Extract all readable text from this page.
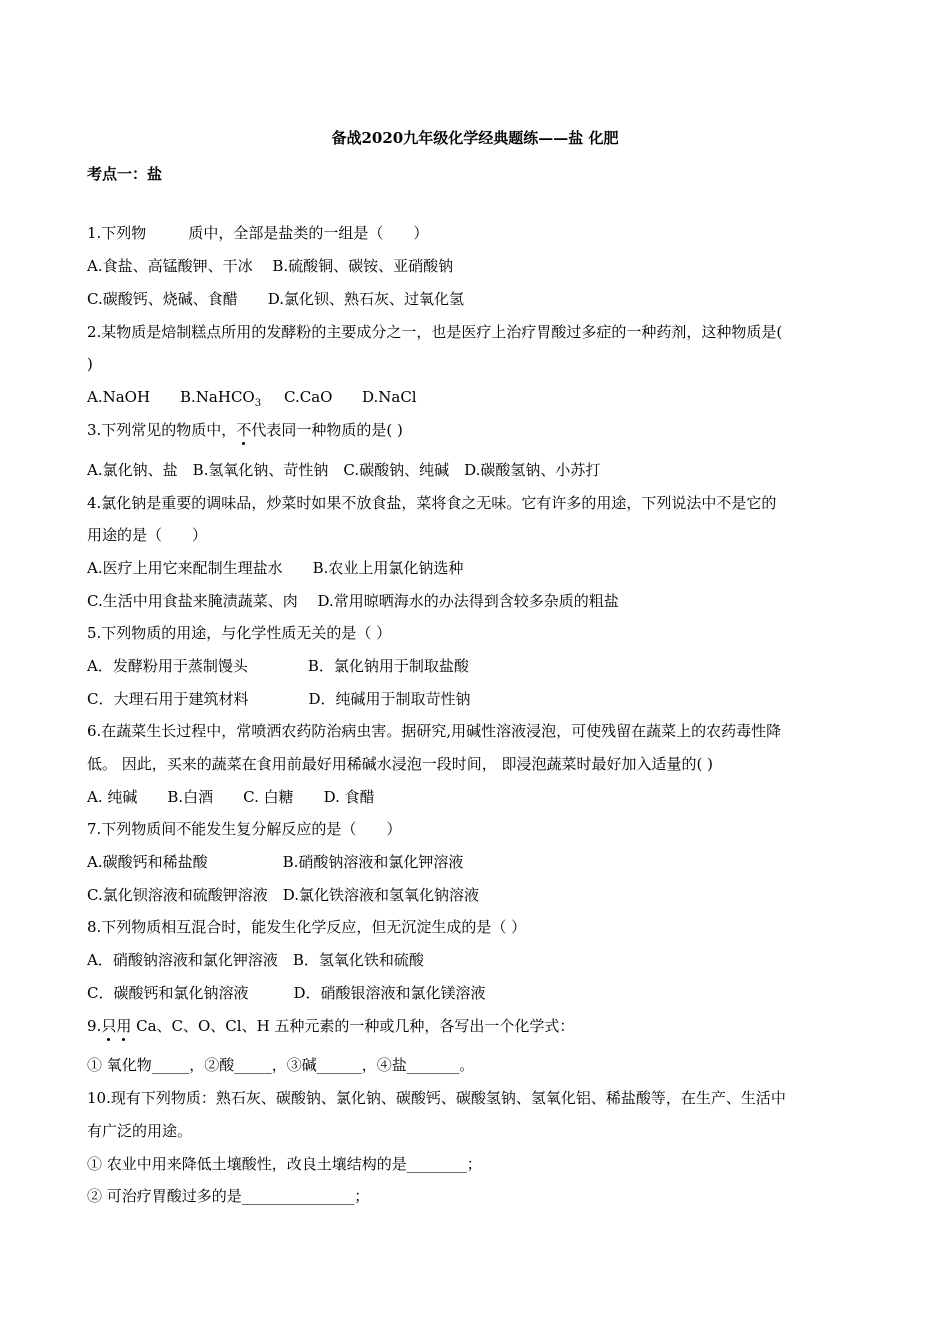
备战2020九年级化学经典题练——盐 化肥
考点一：盐
1.下列物	质中，全部是盐类的一组是（　　）
A.食盐、高锰酸钾、干冰　 B.硫酸铜、碳铵、亚硝酸钠
C.碳酸钙、烧碱、食醋　　D.氯化钡、熟石灰、过氧化氢
2.某物质是焙制糕点所用的发酵粉的主要成分之一，也是医疗上治疗胃酸过多症的一种药剂，这种物质是(
)
A.NaOH B.NaHCO$_3$ C.CaO D.NaCl
3.下列常见的物质中，不代表同一种物质的是( )
A.氯化钠、盐　B.氢氧化钠、苛性钠　C.碳酸钠、纯碱　D.碳酸氢钠、小苏打
4.氯化钠是重要的调味品，炒菜时如果不放食盐，菜将食之无味。它有许多的用途，下列说法中不是它的
用途的是（　　）
A.医疗上用它来配制生理盐水　　B.农业上用氯化钠选种
C.生活中用食盐来腌渍蔬菜、肉　 D.常用晾晒海水的办法得到含较多杂质的粗盐
5.下列物质的用途，与化学性质无关的是（ ）
A．发酵粉用于蒸制馒头　　　　B．氯化钠用于制取盐酸
C．大理石用于建筑材料　　　　D．纯碱用于制取苛性钠
6.在蔬菜生长过程中，常喷洒农药防治病虫害。据研究,用碱性溶液浸泡，可使残留在蔬菜上的农药毒性降
低。 因此，买来的蔬菜在食用前最好用稀碱水浸泡一段时间， 即浸泡蔬菜时最好加入适量的( )
A. 纯碱　　B.白酒　　C. 白糖　　D. 食醋
7.下列物质间不能发生复分解反应的是（　　）
A.碳酸钙和稀盐酸　　　　　B.硝酸钠溶液和氯化钾溶液
C.氯化钡溶液和硫酸钾溶液　D.氯化铁溶液和氢氧化钠溶液
8.下列物质相互混合时，能发生化学反应，但无沉淀生成的是（ ）
A．硝酸钠溶液和氯化钾溶液　B．氢氧化铁和硫酸
C．碳酸钙和氯化钠溶液　　　D．硝酸银溶液和氯化镁溶液
9.只用 Ca、C、O、Cl、H 五种元素的一种或几种，各写出一个化学式：
① 氧化物_____，②酸_____，③碱______，④盐_______。
10.现有下列物质：熟石灰、碳酸钠、氯化钠、碳酸钙、碳酸氢钠、氢氧化铝、稀盐酸等，在生产、生活中
有广泛的用途。
① 农业中用来降低土壤酸性，改良土壤结构的是________；
② 可治疗胃酸过多的是_______________；
